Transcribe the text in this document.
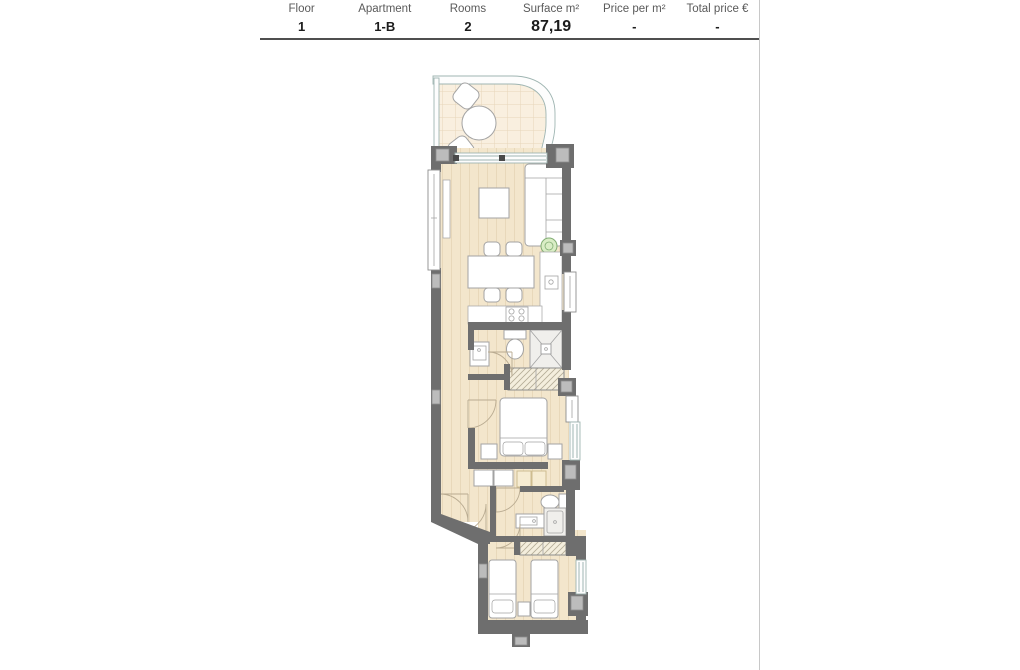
Floor
1
Apartment
1-B
Rooms
2
Surface m²
87,19
Price per m²
-
Total price €
-
